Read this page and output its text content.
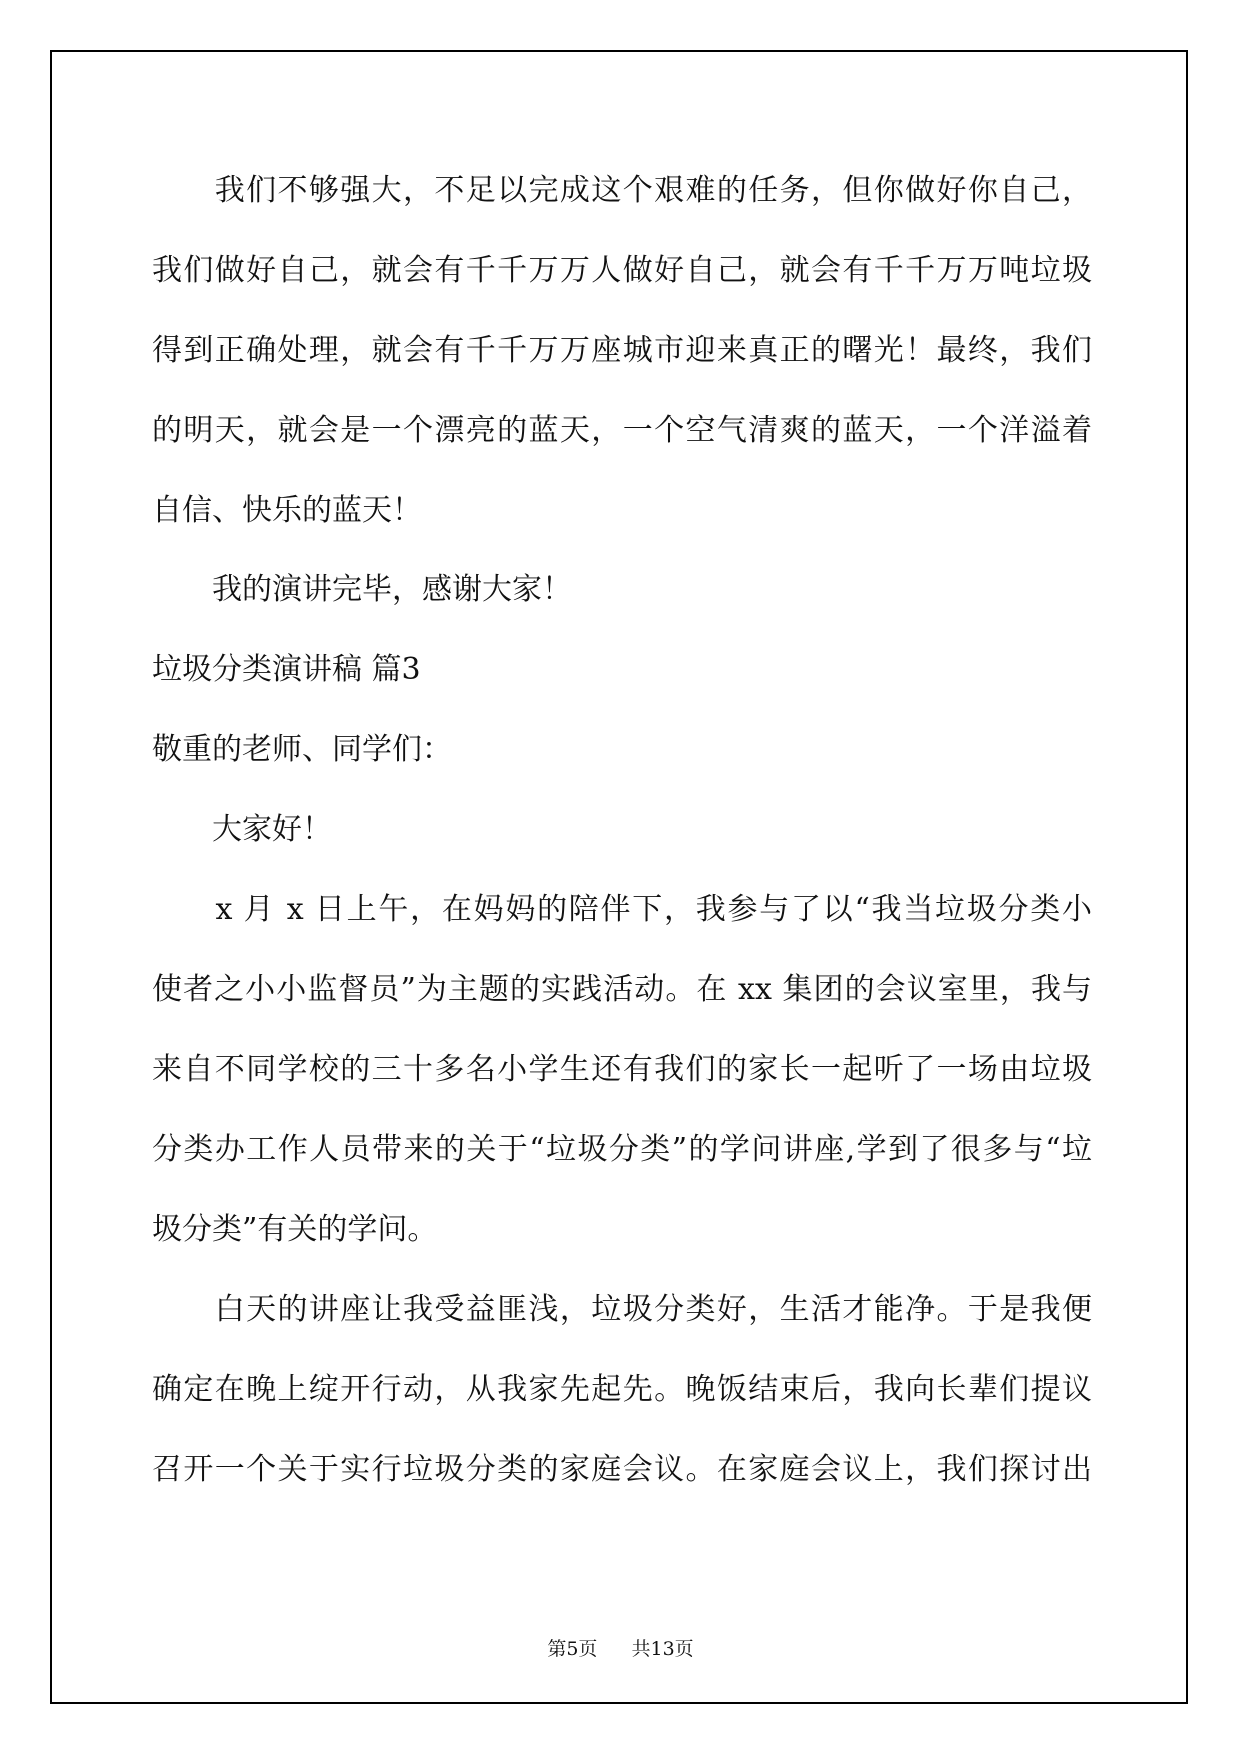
　　我们不够强大，不足以完成这个艰难的任务，但你做好你自己，
我们做好自己，就会有千千万万人做好自己，就会有千千万万吨垃圾
得到正确处理，就会有千千万万座城市迎来真正的曙光！最终，我们
的明天，就会是一个漂亮的蓝天，一个空气清爽的蓝天，一个洋溢着
自信、快乐的蓝天！
　　我的演讲完毕，感谢大家！
垃圾分类演讲稿 篇3
敬重的老师、同学们：
　　大家好！
　　x 月 x 日上午，在妈妈的陪伴下，我参与了以“我当垃圾分类小
使者之小小监督员”为主题的实践活动。在 xx 集团的会议室里，我与
来自不同学校的三十多名小学生还有我们的家长一起听了一场由垃圾
分类办工作人员带来的关于“垃圾分类”的学问讲座,学到了很多与“垃
圾分类”有关的学问。
　　白天的讲座让我受益匪浅，垃圾分类好，生活才能净。于是我便
确定在晚上绽开行动，从我家先起先。晚饭结束后，我向长辈们提议
召开一个关于实行垃圾分类的家庭会议。在家庭会议上，我们探讨出
第5页 共13页
